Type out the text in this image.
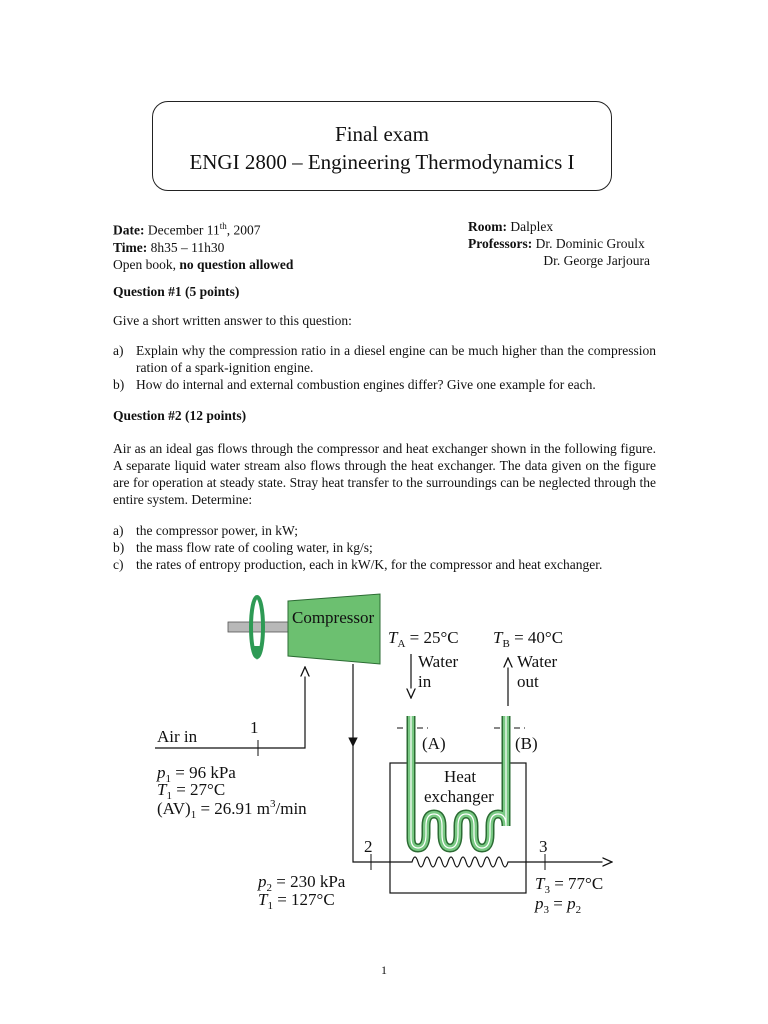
Final exam
ENGI 2800 – Engineering Thermodynamics I
Date: December 11th, 2007
Time: 8h35 – 11h30
Open book, no question allowed
Room: Dalplex
Professors: Dr. Dominic Groulx
Dr. George Jarjoura
Question #1 (5 points)
Give a short written answer to this question:
a) Explain why the compression ratio in a diesel engine can be much higher than the compression ration of a spark-ignition engine.
b) How do internal and external combustion engines differ? Give one example for each.
Question #2 (12 points)
Air as an ideal gas flows through the compressor and heat exchanger shown in the following figure. A separate liquid water stream also flows through the heat exchanger. The data given on the figure are for operation at steady state. Stray heat transfer to the surroundings can be neglected through the entire system. Determine:
a) the compressor power, in kW;
b) the mass flow rate of cooling water, in kg/s;
c) the rates of entropy production, each in kW/K, for the compressor and heat exchanger.
Compressor
Air in	1
$p_1 = 96$ kPa
$T_1 = 27^\circ C$
$(AV)_1 = 26.91$ $m^3/\min$
2
$p_2 = 230$ kPa
$T_1 = 127^\circ C$
$T_A = 25^\circ C$ $T_B = 40^\circ C$
Water
in
Water
out
(A)	(B)
Heat
exchanger
3
$T_3 = 77^\circ C$
$p_3 = p_2$
1
